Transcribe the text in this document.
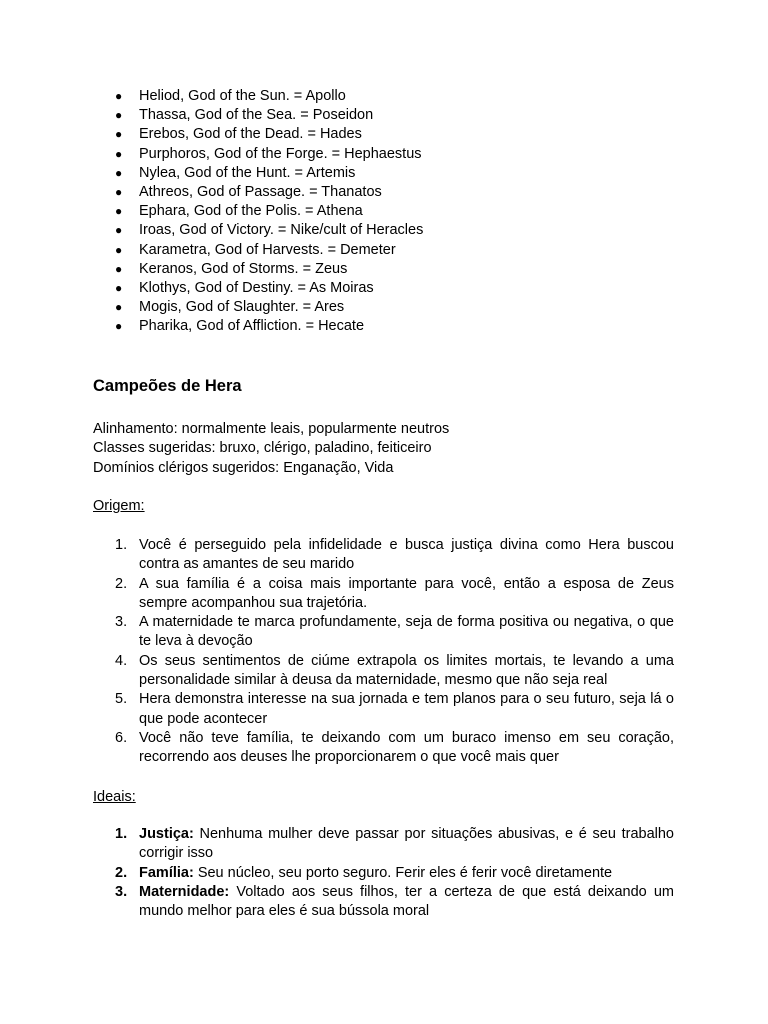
● Heliod, God of the Sun. = Apollo
● Thassa, God of the Sea. = Poseidon
● Erebos, God of the Dead. = Hades
● Purphoros, God of the Forge. = Hephaestus
● Nylea, God of the Hunt. = Artemis
● Athreos, God of Passage. = Thanatos
● Ephara, God of the Polis. = Athena
● Iroas, God of Victory. = Nike/cult of Heracles
● Karametra, God of Harvests. = Demeter
● Keranos, God of Storms. = Zeus
● Klothys, God of Destiny. = As Moiras
● Mogis, God of Slaughter. = Ares
● Pharika, God of Affliction. = Hecate
Campeões de Hera
Alinhamento: normalmente leais, popularmente neutros
Classes sugeridas: bruxo, clérigo, paladino, feiticeiro
Domínios clérigos sugeridos: Enganação, Vida
Origem:
1. Você é perseguido pela infidelidade e busca justiça divina como Hera buscou contra as amantes de seu marido
2. A sua família é a coisa mais importante para você, então a esposa de Zeus sempre acompanhou sua trajetória.
3. A maternidade te marca profundamente, seja de forma positiva ou negativa, o que te leva à devoção
4. Os seus sentimentos de ciúme extrapola os limites mortais, te levando a uma personalidade similar à deusa da maternidade, mesmo que não seja real
5. Hera demonstra interesse na sua jornada e tem planos para o seu futuro, seja lá o que pode acontecer
6. Você não teve família, te deixando com um buraco imenso em seu coração, recorrendo aos deuses lhe proporcionarem o que você mais quer
Ideais:
1. Justiça: Nenhuma mulher deve passar por situações abusivas, e é seu trabalho corrigir isso
2. Família: Seu núcleo, seu porto seguro. Ferir eles é ferir você diretamente
3. Maternidade: Voltado aos seus filhos, ter a certeza de que está deixando um mundo melhor para eles é sua bússola moral
